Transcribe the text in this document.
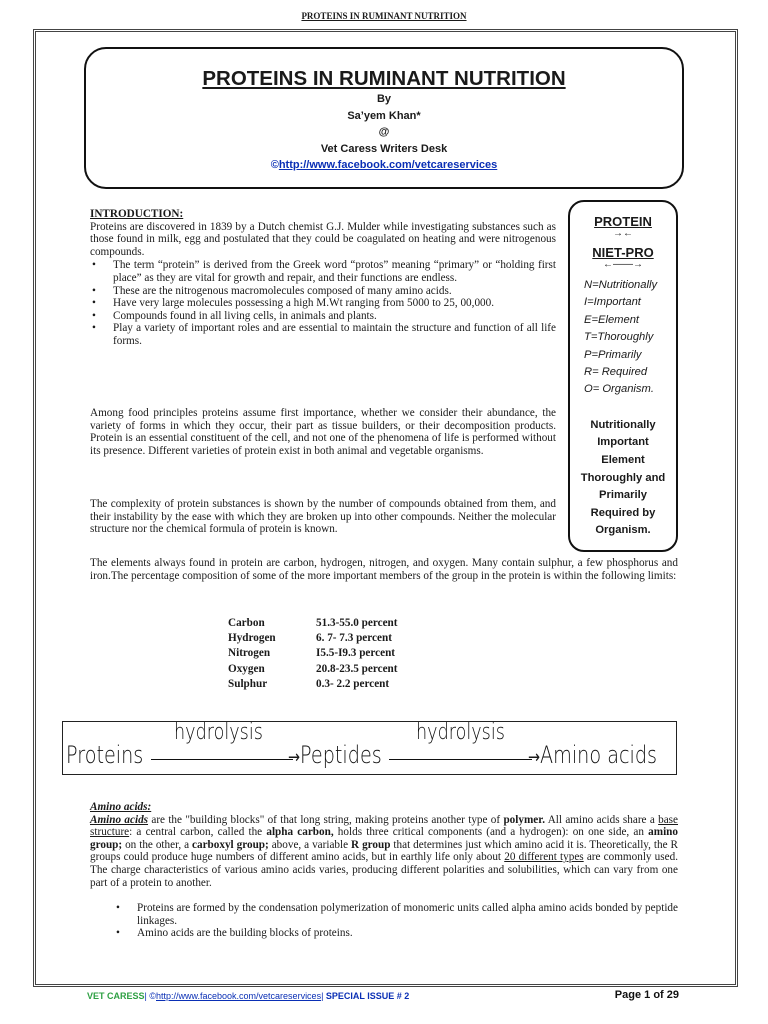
PROTEINS IN RUMINANT NUTRITION
PROTEINS IN RUMINANT NUTRITION
By
Sa’yem Khan*
@
Vet Caress Writers Desk
©http://www.facebook.com/vetcareservices
INTRODUCTION:
Proteins are discovered in 1839 by a Dutch chemist G.J. Mulder while investigating substances such as those found in milk, egg and postulated that they could be coagulated on heating and were nitrogenous compounds.
• The term “protein” is derived from the Greek word “protos” meaning “primary” or “holding first place” as they are vital for growth and repair, and their functions are endless.
• These are the nitrogenous macromolecules composed of many amino acids.
• Have very large molecules possessing a high M.Wt ranging from 5000 to 25, 00,000.
• Compounds found in all living cells, in animals and plants.
• Play a variety of important roles and are essential to maintain the structure and function of all life forms.
Among food principles proteins assume first importance, whether we consider their abundance, the variety of forms in which they occur, their part as tissue builders, or their decomposition products. Protein is an essential constituent of the cell, and not one of the phenomena of life is performed without its presence. Different varieties of protein exist in both animal and vegetable organisms.
The complexity of protein substances is shown by the number of compounds obtained from them, and their instability by the ease with which they are broken up into other compounds. Neither the molecular structure nor the chemical formula of protein is known.
PROTEIN
→←
NIET-PRO
←——→
N=Nutritionally
I=Important
E=Element
T=Thoroughly
P=Primarily
R= Required
O= Organism.
Nutritionally
Important
Element
Thoroughly and
Primarily
Required by
Organism.
The elements always found in protein are carbon, hydrogen, nitrogen, and oxygen. Many contain sulphur, a few phosphorus and iron.The percentage composition of some of the more important members of the group in the protein is within the following limits:
Carbon	51.3-55.0 percent
Hydrogen	6. 7- 7.3 percent
Nitrogen	I5.5-I9.3 percent
Oxygen	20.8-23.5 percent
Sulphur	0.3- 2.2 percent
Proteins
hydrolysis
→ Peptides
hydrolysis
→ Amino acids
Amino acids:
Amino acids are the "building blocks" of that long string, making proteins another type of polymer. All amino acids share a base structure: a central carbon, called the alpha carbon, holds three critical components (and a hydrogen): on one side, an amino group; on the other, a carboxyl group; above, a variable R group that determines just which amino acid it is. Theoretically, the R groups could produce huge numbers of different amino acids, but in earthly life only about 20 different types are commonly used. The charge characteristics of various amino acids varies, producing different polarities and solubilities, which can vary from one part of a protein to another.
• Proteins are formed by the condensation polymerization of monomeric units called alpha amino acids bonded by peptide linkages.
• Amino acids are the building blocks of proteins.
VET CARESS| ©http://www.facebook.com/vetcareservices| SPECIAL ISSUE # 2	Page 1 of 29
